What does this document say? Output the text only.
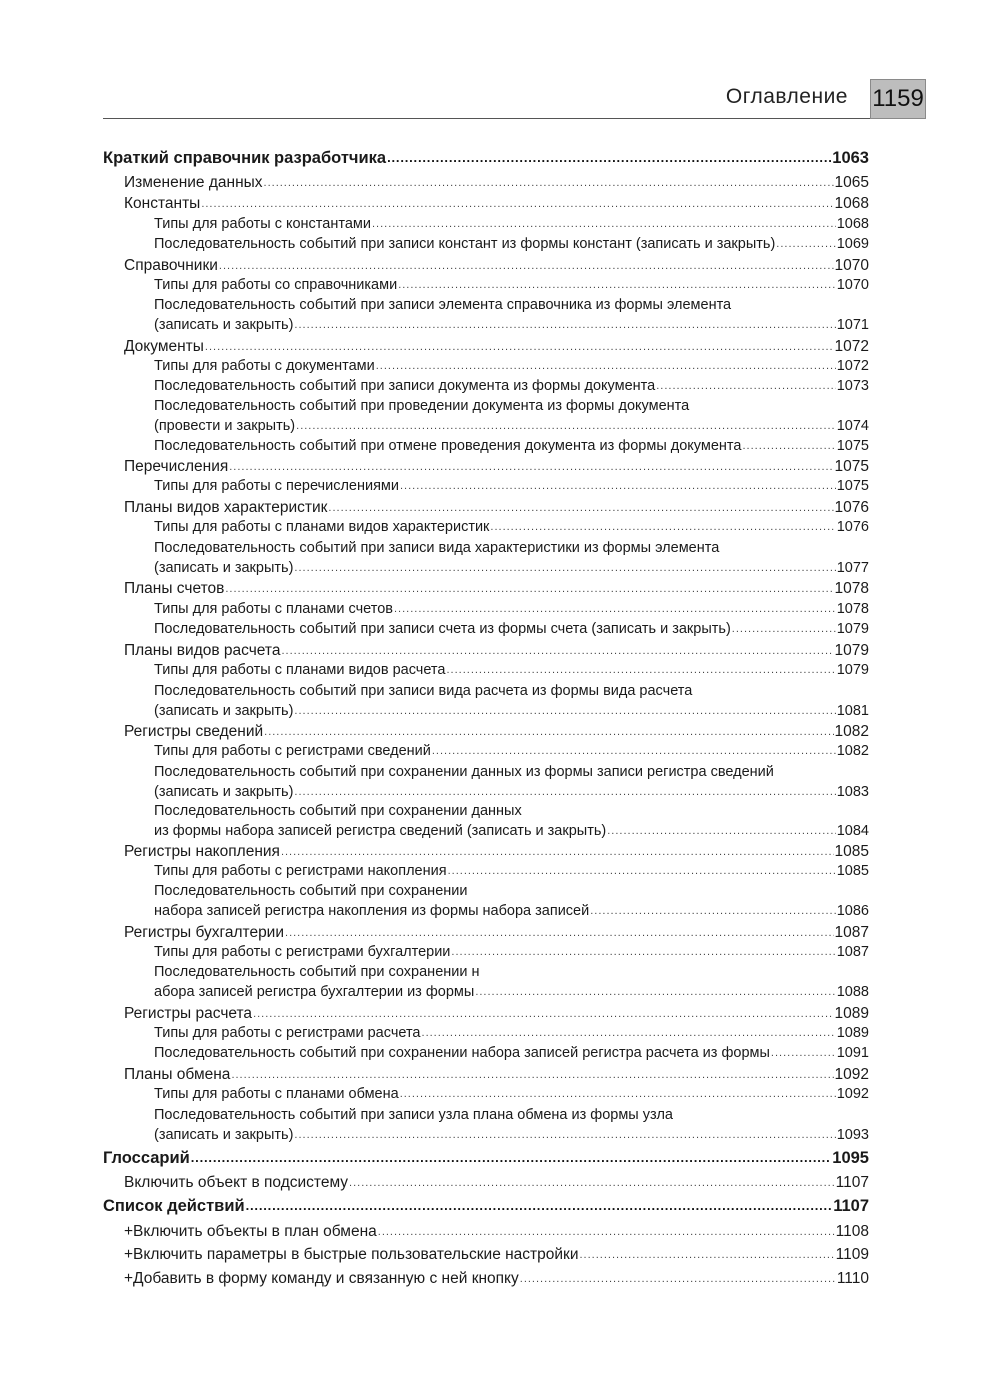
Оглавление 1159
Краткий справочник разработчика .....	1063
Изменение данных .....	1065
Константы .....	1068
Типы для работы с константами .....	1068
Последовательность событий при записи констант из формы констант (записать и закрыть) .....	1069
Справочники .....	1070
Типы для работы со справочниками .....	1070
Последовательность событий при записи элемента справочника из формы элемента
(записать и закрыть) .....	1071
Документы .....	1072
Типы для работы с документами .....	1072
Последовательность событий при записи документа из формы документа .....	1073
Последовательность событий при проведении документа из формы документа
(провести и закрыть) .....	1074
Последовательность событий при отмене проведения документа из формы документа .....	1075
Перечисления .....	1075
Типы для работы с перечислениями .....	1075
Планы видов характеристик .....	1076
Типы для работы с планами видов характеристик .....	1076
Последовательность событий при записи вида характеристики из формы элемента
(записать и закрыть) .....	1077
Планы счетов .....	1078
Типы для работы с планами счетов .....	1078
Последовательность событий при записи счета из формы счета (записать и закрыть) .....	1079
Планы видов расчета .....	1079
Типы для работы с планами видов расчета .....	1079
Последовательность событий при записи вида расчета из формы вида расчета
(записать и закрыть) .....	1081
Регистры сведений .....	1082
Типы для работы с регистрами сведений .....	1082
Последовательность событий при сохранении данных из формы записи регистра сведений
(записать и закрыть) .....	1083
Последовательность событий при сохранении данных
из формы набора записей регистра сведений (записать и закрыть) .....	1084
Регистры накопления .....	1085
Типы для работы с регистрами накопления .....	1085
Последовательность событий при сохранении
набора записей регистра накопления из формы набора записей .....	1086
Регистры бухгалтерии .....	1087
Типы для работы с регистрами бухгалтерии .....	1087
Последовательность событий при сохранении н
абора записей регистра бухгалтерии из формы .....	1088
Регистры расчета .....	1089
Типы для работы с регистрами расчета .....	1089
Последовательность событий при сохранении набора записей регистра расчета из формы .....	1091
Планы обмена .....	1092
Типы для работы с планами обмена .....	1092
Последовательность событий при записи узла плана обмена из формы узла
(записать и закрыть) .....	1093
Глоссарий .....	1095
Включить объект в подсистему .....	1107
Список действий .....	1107
+Включить объекты в план обмена .....	1108
+Включить параметры в быстрые пользовательские настройки .....	1109
+Добавить в форму команду и связанную с ней кнопку .....	1110
